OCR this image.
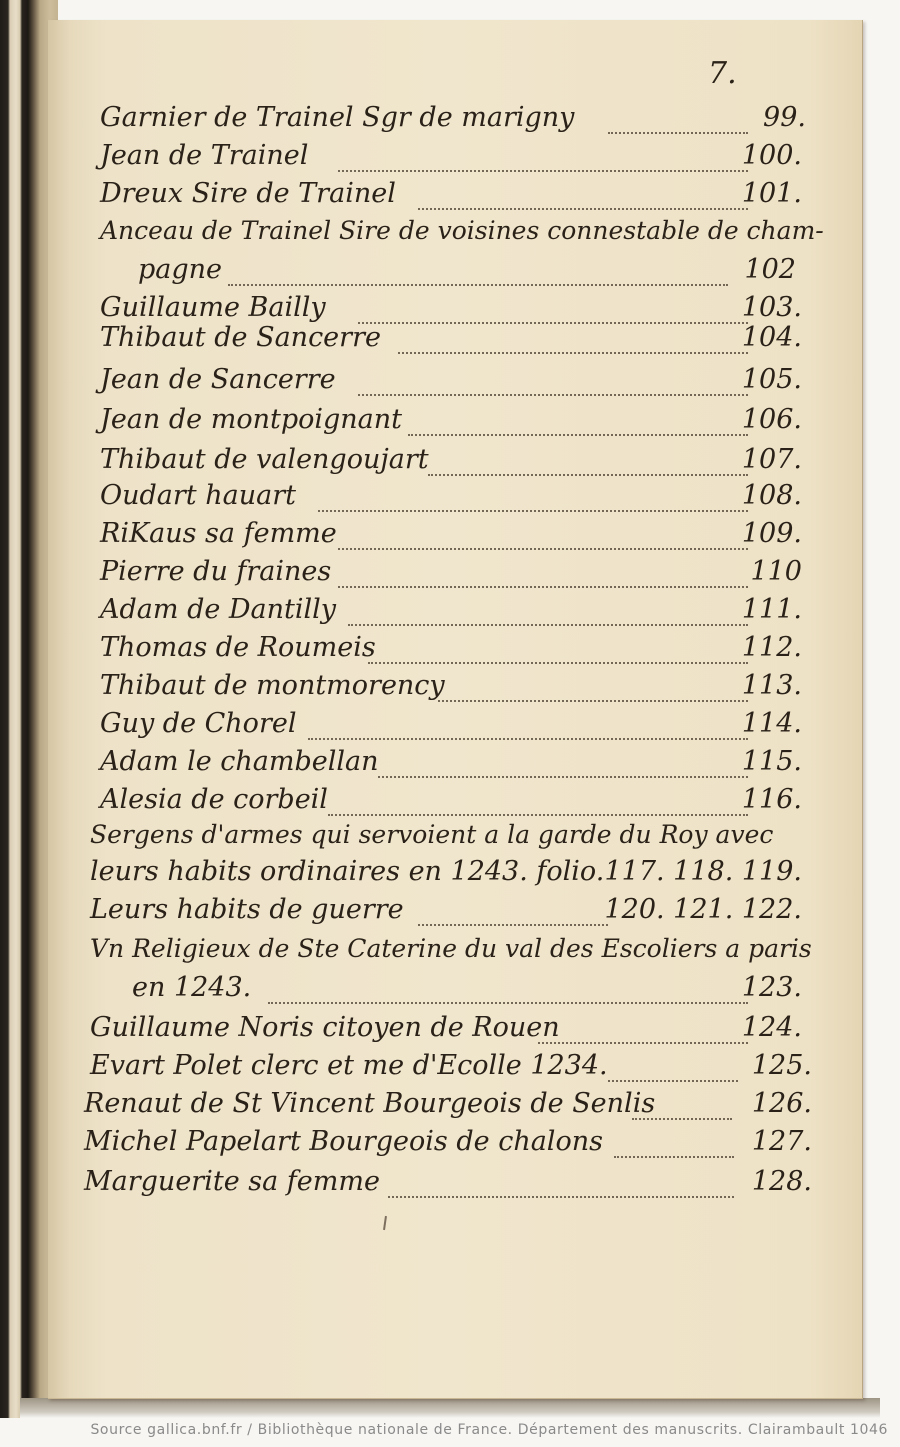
7.
Garnier de Trainel Sgr de marigny	99.
Jean de Trainel	100.
Dreux Sire de Trainel	101.
Anceau de Trainel Sire de voisines connestable de cham-
pagne	102
Guillaume Bailly	103.
Thibaut de Sancerre	104.
Jean de Sancerre	105.
Jean de montpoignant	106.
Thibaut de valengoujart	107.
Oudart hauart	108.
RiKaus sa femme	109.
Pierre du fraines	110
Adam de Dantilly	111.
Thomas de Roumeis	112.
Thibaut de montmorency	113.
Guy de Chorel	114.
Adam le chambellan	115.
Alesia de corbeil	116.
Sergens d'armes qui servoient a la garde du Roy avec
leurs habits ordinaires en 1243. folio. 117. 118. 119.
Leurs habits de guerre	120. 121. 122.
Vn Religieux de Ste Caterine du val des Escoliers a paris
en 1243.	123.
Guillaume Noris citoyen de Rouen	124.
Evart Polet clerc et me d'Ecolle 1234.	125.
Renaut de St Vincent Bourgeois de Senlis	126.
Michel Papelart Bourgeois de chalons	127.
Marguerite sa femme	128.
Source gallica.bnf.fr / Bibliothèque nationale de France. Département des manuscrits. Clairambault 1046
